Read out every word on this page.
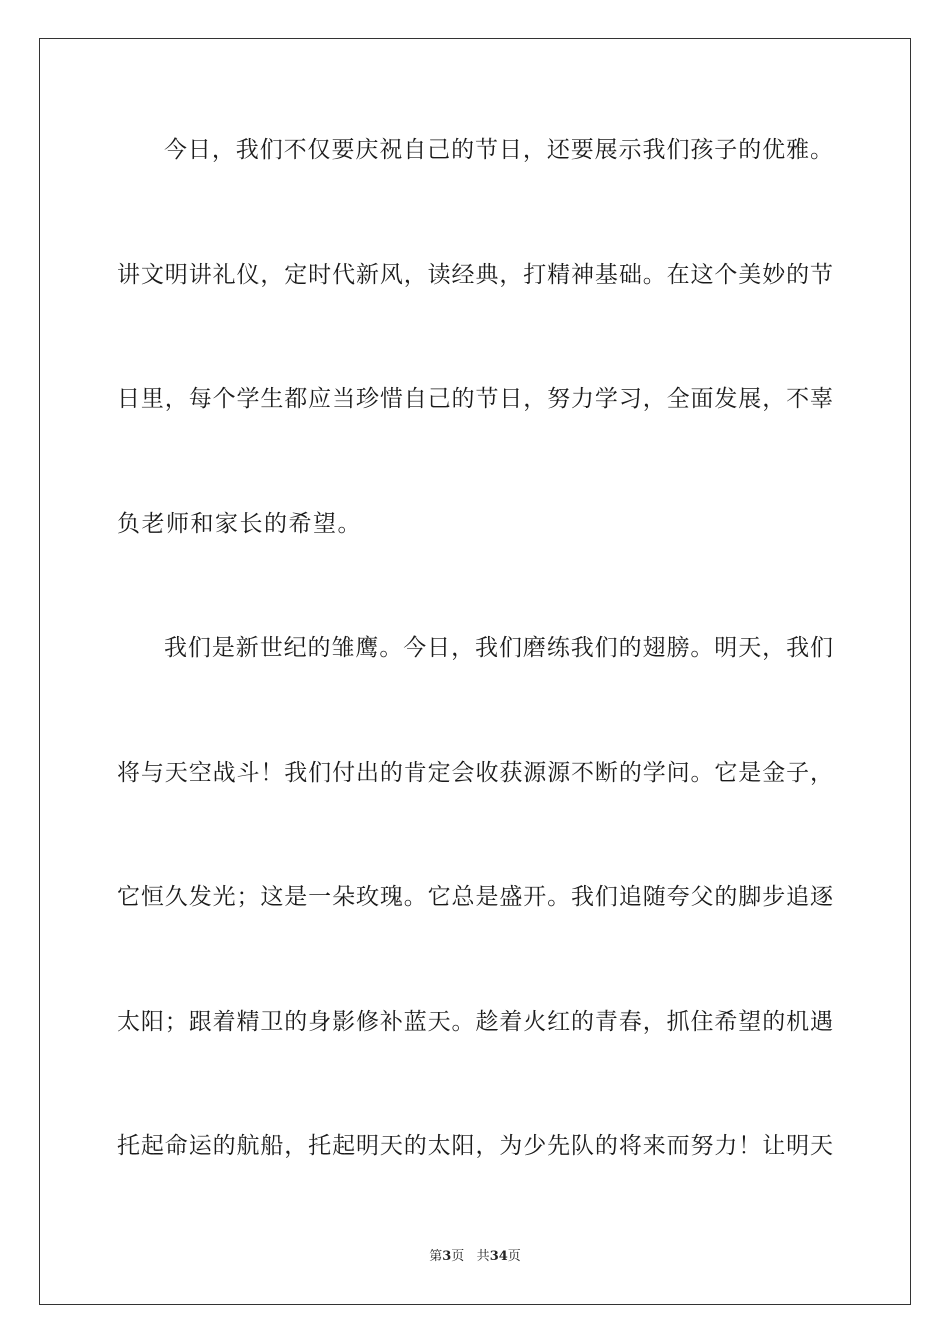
今日，我们不仅要庆祝自己的节日，还要展示我们孩子的优雅。
讲文明讲礼仪，定时代新风，读经典，打精神基础。在这个美妙的节
日里，每个学生都应当珍惜自己的节日，努力学习，全面发展，不辜
负老师和家长的希望。
我们是新世纪的雏鹰。今日，我们磨练我们的翅膀。明天，我们
将与天空战斗！我们付出的肯定会收获源源不断的学问。它是金子，
它恒久发光；这是一朵玫瑰。它总是盛开。我们追随夸父的脚步追逐
太阳；跟着精卫的身影修补蓝天。趁着火红的青春，抓住希望的机遇
托起命运的航船，托起明天的太阳，为少先队的将来而努力！让明天
第3页 共34页
